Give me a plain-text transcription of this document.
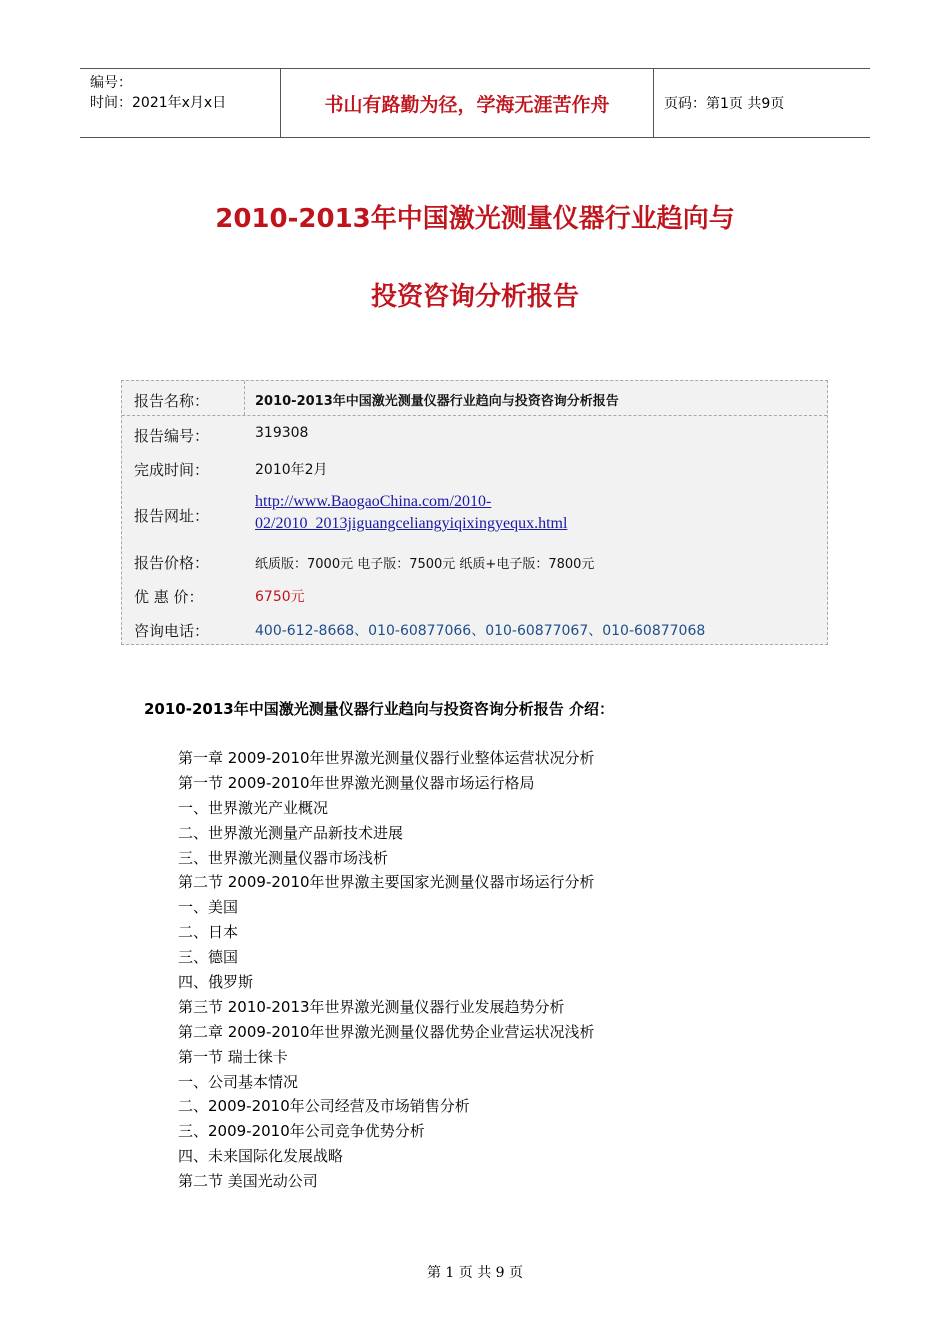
编号：
时间：2021年x月x日	书山有路勤为径，学海无涯苦作舟	页码：第1页 共9页
2010-2013年中国激光测量仪器行业趋向与
投资咨询分析报告
报告名称：	2010-2013年中国激光测量仪器行业趋向与投资咨询分析报告
报告编号：	319308
完成时间：	2010年2月
报告网址：
http://www.BaogaoChina.com/2010-
02/2010_2013jiguangceliangyiqixingyequx.html
报告价格：	纸质版：7000元 电子版：7500元 纸质+电子版：7800元
优 惠 价：	6750元
咨询电话：	400-612-8668、010-60877066、010-60877067、010-60877068
2010-2013年中国激光测量仪器行业趋向与投资咨询分析报告 介绍：
第一章 2009-2010年世界激光测量仪器行业整体运营状况分析
第一节 2009-2010年世界激光测量仪器市场运行格局
一、世界激光产业概况
二、世界激光测量产品新技术进展
三、世界激光测量仪器市场浅析
第二节 2009-2010年世界激主要国家光测量仪器市场运行分析
一、美国
二、日本
三、德国
四、俄罗斯
第三节 2010-2013年世界激光测量仪器行业发展趋势分析
第二章 2009-2010年世界激光测量仪器优势企业营运状况浅析
第一节 瑞士徕卡
一、公司基本情况
二、2009-2010年公司经营及市场销售分析
三、2009-2010年公司竞争优势分析
四、未来国际化发展战略
第二节 美国光动公司
第 1 页 共 9 页
